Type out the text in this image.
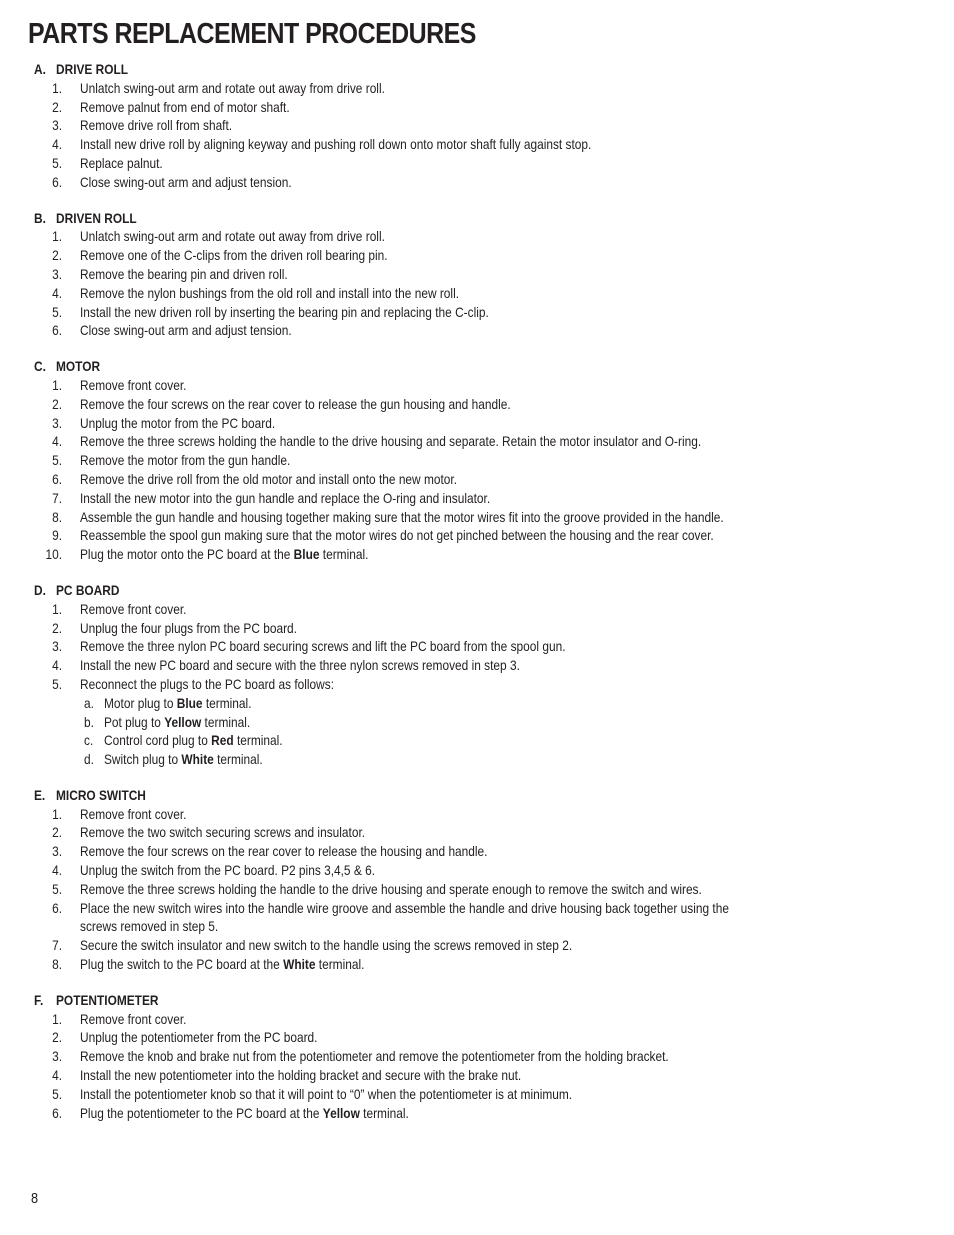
PARTS REPLACEMENT PROCEDURES
A. DRIVE ROLL
1. Unlatch swing-out arm and rotate out away from drive roll.
2. Remove palnut from end of motor shaft.
3. Remove drive roll from shaft.
4. Install new drive roll by aligning keyway and pushing roll down onto motor shaft fully against stop.
5. Replace palnut.
6. Close swing-out arm and adjust tension.
B. DRIVEN ROLL
1. Unlatch swing-out arm and rotate out away from drive roll.
2. Remove one of the C-clips from the driven roll bearing pin.
3. Remove the bearing pin and driven roll.
4. Remove the nylon bushings from the old roll and install into the new roll.
5. Install the new driven roll by inserting the bearing pin and replacing the C-clip.
6. Close swing-out arm and adjust tension.
C. MOTOR
1. Remove front cover.
2. Remove the four screws on the rear cover to release the gun housing and handle.
3. Unplug the motor from the PC board.
4. Remove the three screws holding the handle to the drive housing and separate. Retain the motor insulator and O-ring.
5. Remove the motor from the gun handle.
6. Remove the drive roll from the old motor and install onto the new motor.
7. Install the new motor into the gun handle and replace the O-ring and insulator.
8. Assemble the gun handle and housing together making sure that the motor wires fit into the groove provided in the handle.
9. Reassemble the spool gun making sure that the motor wires do not get pinched between the housing and the rear cover.
10. Plug the motor onto the PC board at the Blue terminal.
D. PC BOARD
1. Remove front cover.
2. Unplug the four plugs from the PC board.
3. Remove the three nylon PC board securing screws and lift the PC board from the spool gun.
4. Install the new PC board and secure with the three nylon screws removed in step 3.
5. Reconnect the plugs to the PC board as follows:
a. Motor plug to Blue terminal.
b. Pot plug to Yellow terminal.
c. Control cord plug to Red terminal.
d. Switch plug to White terminal.
E. MICRO SWITCH
1. Remove front cover.
2. Remove the two switch securing screws and insulator.
3. Remove the four screws on the rear cover to release the housing and handle.
4. Unplug the switch from the PC board. P2 pins 3,4,5 & 6.
5. Remove the three screws holding the handle to the drive housing and sperate enough to remove the switch and wires.
6. Place the new switch wires into the handle wire groove and assemble the handle and drive housing back together using the
screws removed in step 5.
7. Secure the switch insulator and new switch to the handle using the screws removed in step 2.
8. Plug the switch to the PC board at the White terminal.
F. POTENTIOMETER
1. Remove front cover.
2. Unplug the potentiometer from the PC board.
3. Remove the knob and brake nut from the potentiometer and remove the potentiometer from the holding bracket.
4. Install the new potentiometer into the holding bracket and secure with the brake nut.
5. Install the potentiometer knob so that it will point to “0” when the potentiometer is at minimum.
6. Plug the potentiometer to the PC board at the Yellow terminal.
8
